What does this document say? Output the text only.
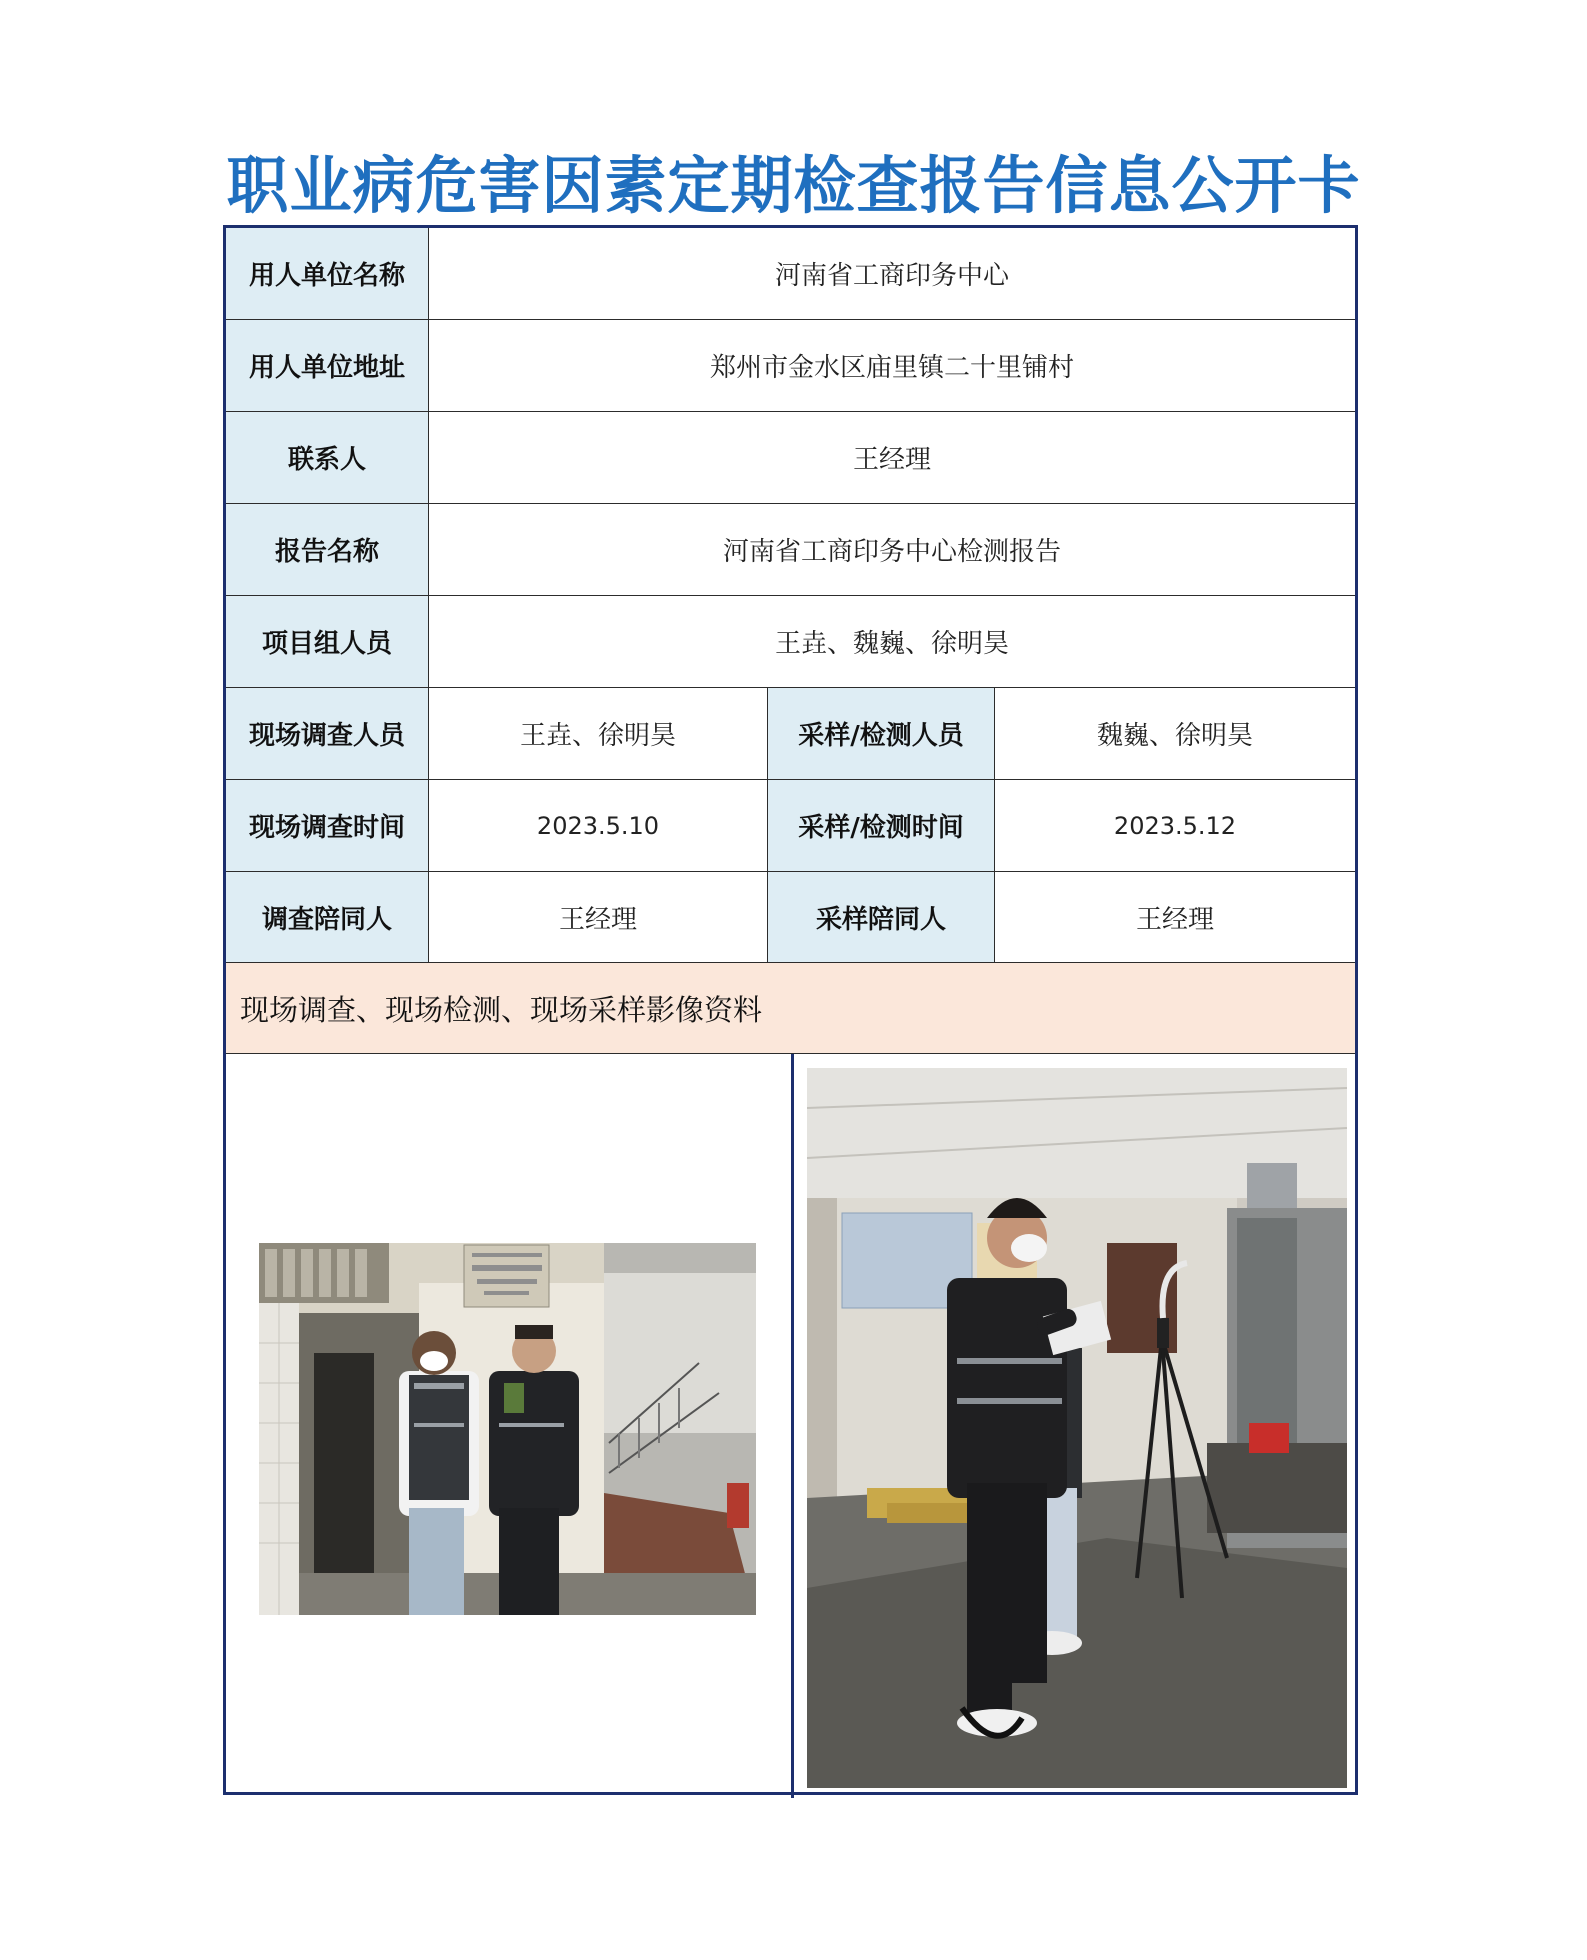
职业病危害因素定期检查报告信息公开卡
用人单位名称	河南省工商印务中心
用人单位地址	郑州市金水区庙里镇二十里铺村
联系人	王经理
报告名称	河南省工商印务中心检测报告
项目组人员	王垚、魏巍、徐明昊
现场调查人员	王垚、徐明昊	采样/检测人员	魏巍、徐明昊
现场调查时间	2023.5.10	采样/检测时间	2023.5.12
调查陪同人	王经理	采样陪同人	王经理
现场调查、现场检测、现场采样影像资料
